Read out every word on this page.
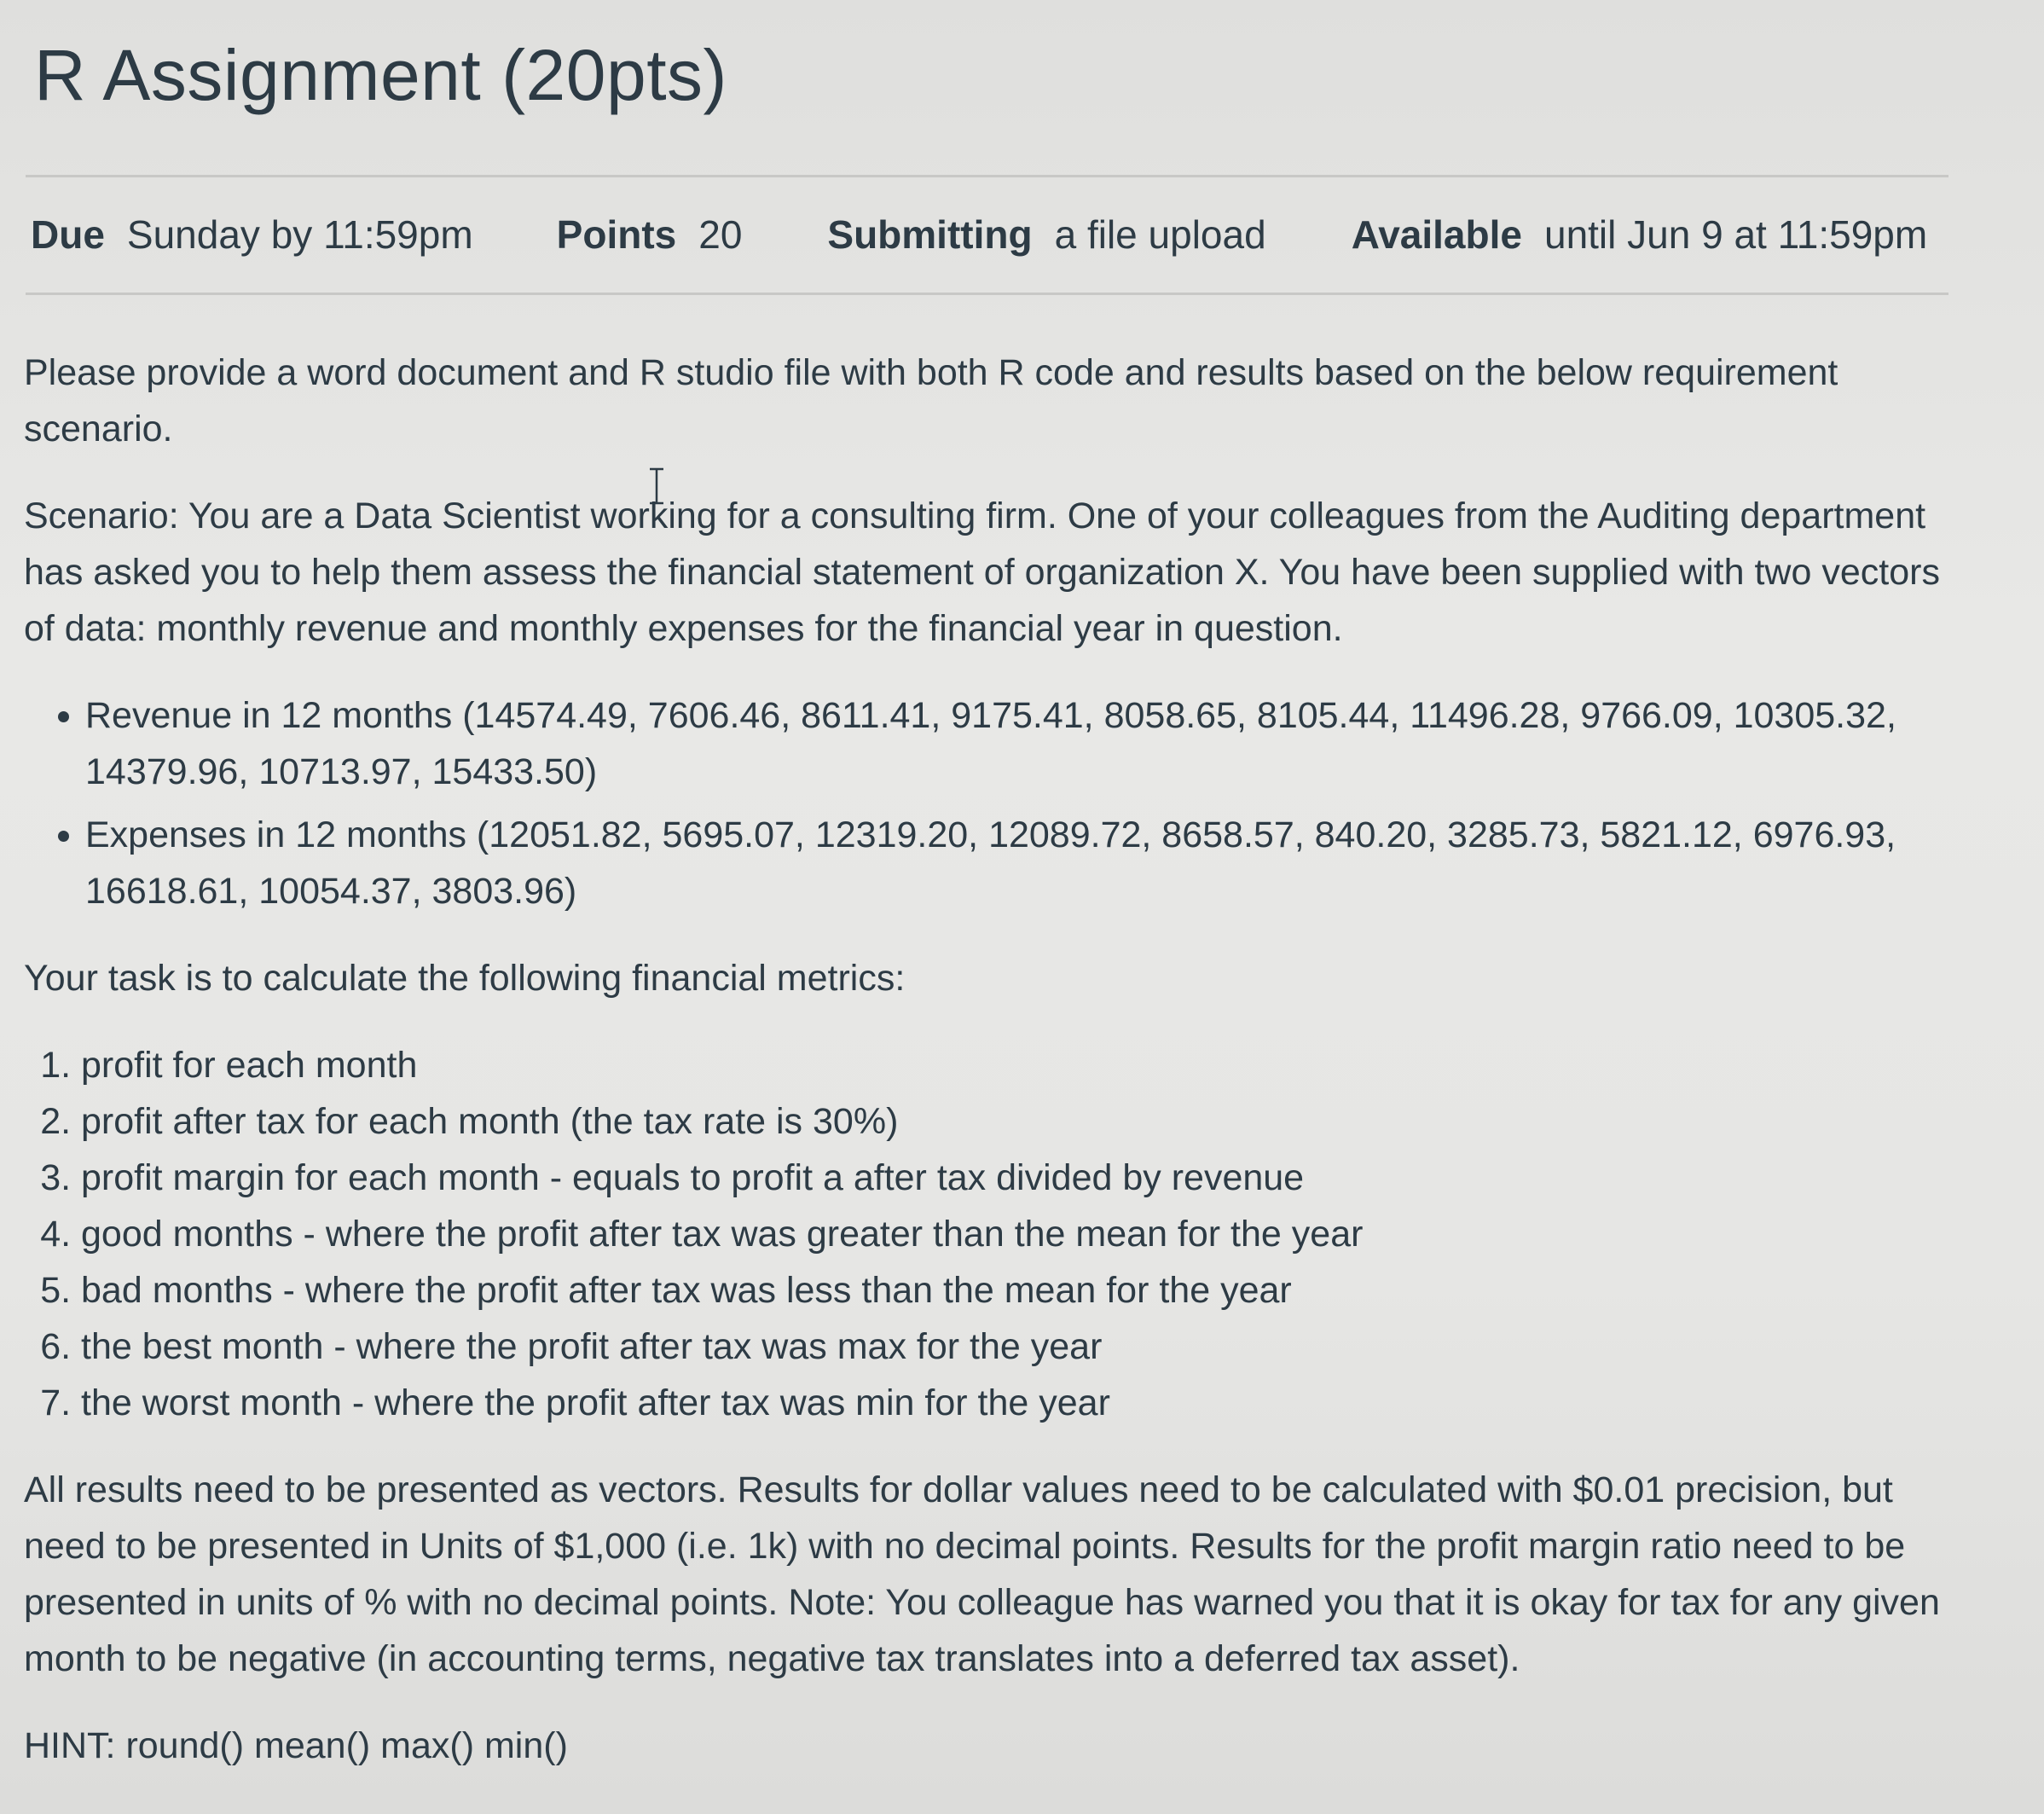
R Assignment (20pts)
Due Sunday by 11:59pm Points 20 Submitting a file upload Available until Jun 9 at 11:59pm

Please provide a word document and R studio file with both R code and results based on the below requirement scenario.

Scenario: You are a Data Scientist working for a consulting firm. One of your colleagues from the Auditing department has asked you to help them assess the financial statement of organization X. You have been supplied with two vectors of data: monthly revenue and monthly expenses for the financial year in question.

• Revenue in 12 months (14574.49, 7606.46, 8611.41, 9175.41, 8058.65, 8105.44, 11496.28, 9766.09, 10305.32, 14379.96, 10713.97, 15433.50)
• Expenses in 12 months (12051.82, 5695.07, 12319.20, 12089.72, 8658.57, 840.20, 3285.73, 5821.12, 6976.93, 16618.61, 10054.37, 3803.96)

Your task is to calculate the following financial metrics:

1. profit for each month
2. profit after tax for each month (the tax rate is 30%)
3. profit margin for each month - equals to profit a after tax divided by revenue
4. good months - where the profit after tax was greater than the mean for the year
5. bad months - where the profit after tax was less than the mean for the year
6. the best month - where the profit after tax was max for the year
7. the worst month - where the profit after tax was min for the year

All results need to be presented as vectors. Results for dollar values need to be calculated with $0.01 precision, but need to be presented in Units of $1,000 (i.e. 1k) with no decimal points. Results for the profit margin ratio need to be presented in units of % with no decimal points. Note: You colleague has warned you that it is okay for tax for any given month to be negative (in accounting terms, negative tax translates into a deferred tax asset).

HINT: round() mean() max() min()
